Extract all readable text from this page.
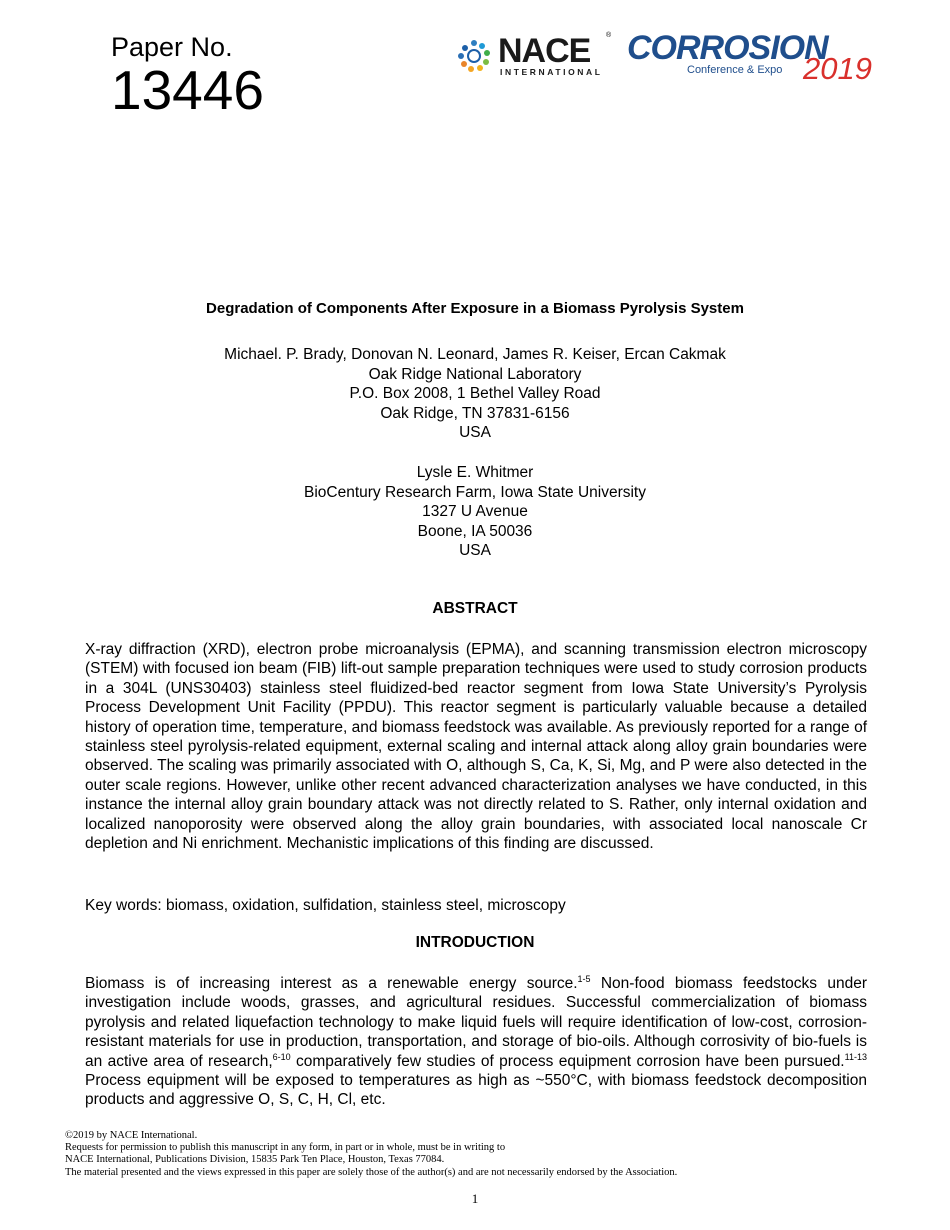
Paper No.
13446
NACE ®
INTERNATIONAL
CORROSION
Conference & Expo 2019
Degradation of Components After Exposure in a Biomass Pyrolysis System
Michael. P. Brady, Donovan N. Leonard, James R. Keiser, Ercan Cakmak
Oak Ridge National Laboratory
P.O. Box 2008, 1 Bethel Valley Road
Oak Ridge, TN 37831-6156
USA
Lysle E. Whitmer
BioCentury Research Farm, Iowa State University
1327 U Avenue
Boone, IA 50036
USA
ABSTRACT

X-ray diffraction (XRD), electron probe microanalysis (EPMA), and scanning transmission electron microscopy (STEM) with focused ion beam (FIB) lift-out sample preparation techniques were used to study corrosion products in a 304L (UNS30403) stainless steel fluidized-bed reactor segment from Iowa State University’s Pyrolysis Process Development Unit Facility (PPDU). This reactor segment is particularly valuable because a detailed history of operation time, temperature, and biomass feedstock was available. As previously reported for a range of stainless steel pyrolysis-related equipment, external scaling and internal attack along alloy grain boundaries were observed. The scaling was primarily associated with O, although S, Ca, K, Si, Mg, and P were also detected in the outer scale regions. However, unlike other recent advanced characterization analyses we have conducted, in this instance the internal alloy grain boundary attack was not directly related to S. Rather, only internal oxidation and localized nanoporosity were observed along the alloy grain boundaries, with associated local nanoscale Cr depletion and Ni enrichment. Mechanistic implications of this finding are discussed.

Key words: biomass, oxidation, sulfidation, stainless steel, microscopy

INTRODUCTION

Biomass is of increasing interest as a renewable energy source.$^{1-5}$ Non-food biomass feedstocks under investigation include woods, grasses, and agricultural residues. Successful commercialization of biomass pyrolysis and related liquefaction technology to make liquid fuels will require identification of low-cost, corrosion-resistant materials for use in production, transportation, and storage of bio-oils. Although corrosivity of bio-fuels is an active area of research,$^{6-10}$ comparatively few studies of process equipment corrosion have been pursued.$^{11-13}$ Process equipment will be exposed to temperatures as high as ~550°C, with biomass feedstock decomposition products and aggressive O, S, C, H, Cl, etc.

©2019 by NACE International.
Requests for permission to publish this manuscript in any form, in part or in whole, must be in writing to
NACE International, Publications Division, 15835 Park Ten Place, Houston, Texas 77084.
The material presented and the views expressed in this paper are solely those of the author(s) and are not necessarily endorsed by the Association.
1
